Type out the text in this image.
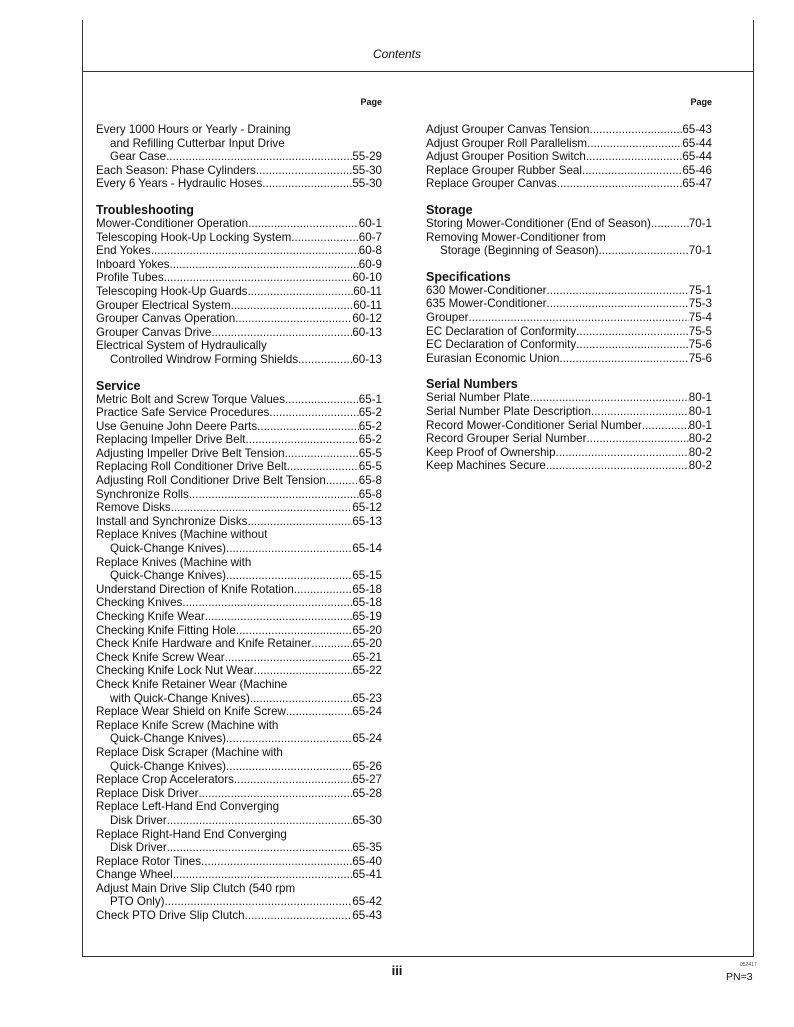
Contents
Page
Every 1000 Hours or Yearly - Draining
and Refilling Cutterbar Input Drive
Gear Case .....	55-29
Each Season: Phase Cylinders .....	55-30
Every 6 Years - Hydraulic Hoses .....	55-30
Troubleshooting
Mower-Conditioner Operation .....	60-1
Telescoping Hook-Up Locking System .....	60-7
End Yokes .....	60-8
Inboard Yokes .....	60-9
Profile Tubes .....	60-10
Telescoping Hook-Up Guards .....	60-11
Grouper Electrical System .....	60-11
Grouper Canvas Operation .....	60-12
Grouper Canvas Drive .....	60-13
Electrical System of Hydraulically
Controlled Windrow Forming Shields .....	60-13
Service
Metric Bolt and Screw Torque Values .....	65-1
Practice Safe Service Procedures .....	65-2
Use Genuine John Deere Parts .....	65-2
Replacing Impeller Drive Belt .....	65-2
Adjusting Impeller Drive Belt Tension .....	65-5
Replacing Roll Conditioner Drive Belt .....	65-5
Adjusting Roll Conditioner Drive Belt Tension .....	65-8
Synchronize Rolls .....	65-8
Remove Disks .....	65-12
Install and Synchronize Disks .....	65-13
Replace Knives (Machine without
Quick-Change Knives) .....	65-14
Replace Knives (Machine with
Quick-Change Knives) .....	65-15
Understand Direction of Knife Rotation .....	65-18
Checking Knives .....	65-18
Checking Knife Wear .....	65-19
Checking Knife Fitting Hole .....	65-20
Check Knife Hardware and Knife Retainer .....	65-20
Check Knife Screw Wear .....	65-21
Checking Knife Lock Nut Wear .....	65-22
Check Knife Retainer Wear (Machine
with Quick-Change Knives) .....	65-23
Replace Wear Shield on Knife Screw .....	65-24
Replace Knife Screw (Machine with
Quick-Change Knives) .....	65-24
Replace Disk Scraper (Machine with
Quick-Change Knives) .....	65-26
Replace Crop Accelerators .....	65-27
Replace Disk Driver .....	65-28
Replace Left-Hand End Converging
Disk Driver .....	65-30
Replace Right-Hand End Converging
Disk Driver .....	65-35
Replace Rotor Tines .....	65-40
Change Wheel .....	65-41
Adjust Main Drive Slip Clutch (540 rpm
PTO Only) .....	65-42
Check PTO Drive Slip Clutch .....	65-43
Page
Adjust Grouper Canvas Tension .....	65-43
Adjust Grouper Roll Parallelism .....	65-44
Adjust Grouper Position Switch .....	65-44
Replace Grouper Rubber Seal .....	65-46
Replace Grouper Canvas .....	65-47
Storage
Storing Mower-Conditioner (End of Season) .....	70-1
Removing Mower-Conditioner from
Storage (Beginning of Season) .....	70-1
Specifications
630 Mower-Conditioner .....	75-1
635 Mower-Conditioner .....	75-3
Grouper .....	75-4
EC Declaration of Conformity .....	75-5
EC Declaration of Conformity .....	75-6
Eurasian Economic Union .....	75-6
Serial Numbers
Serial Number Plate .....	80-1
Serial Number Plate Description .....	80-1
Record Mower-Conditioner Serial Number .....	80-1
Record Grouper Serial Number .....	80-2
Keep Proof of Ownership .....	80-2
Keep Machines Secure .....	80-2
iii	052417
PN=3
